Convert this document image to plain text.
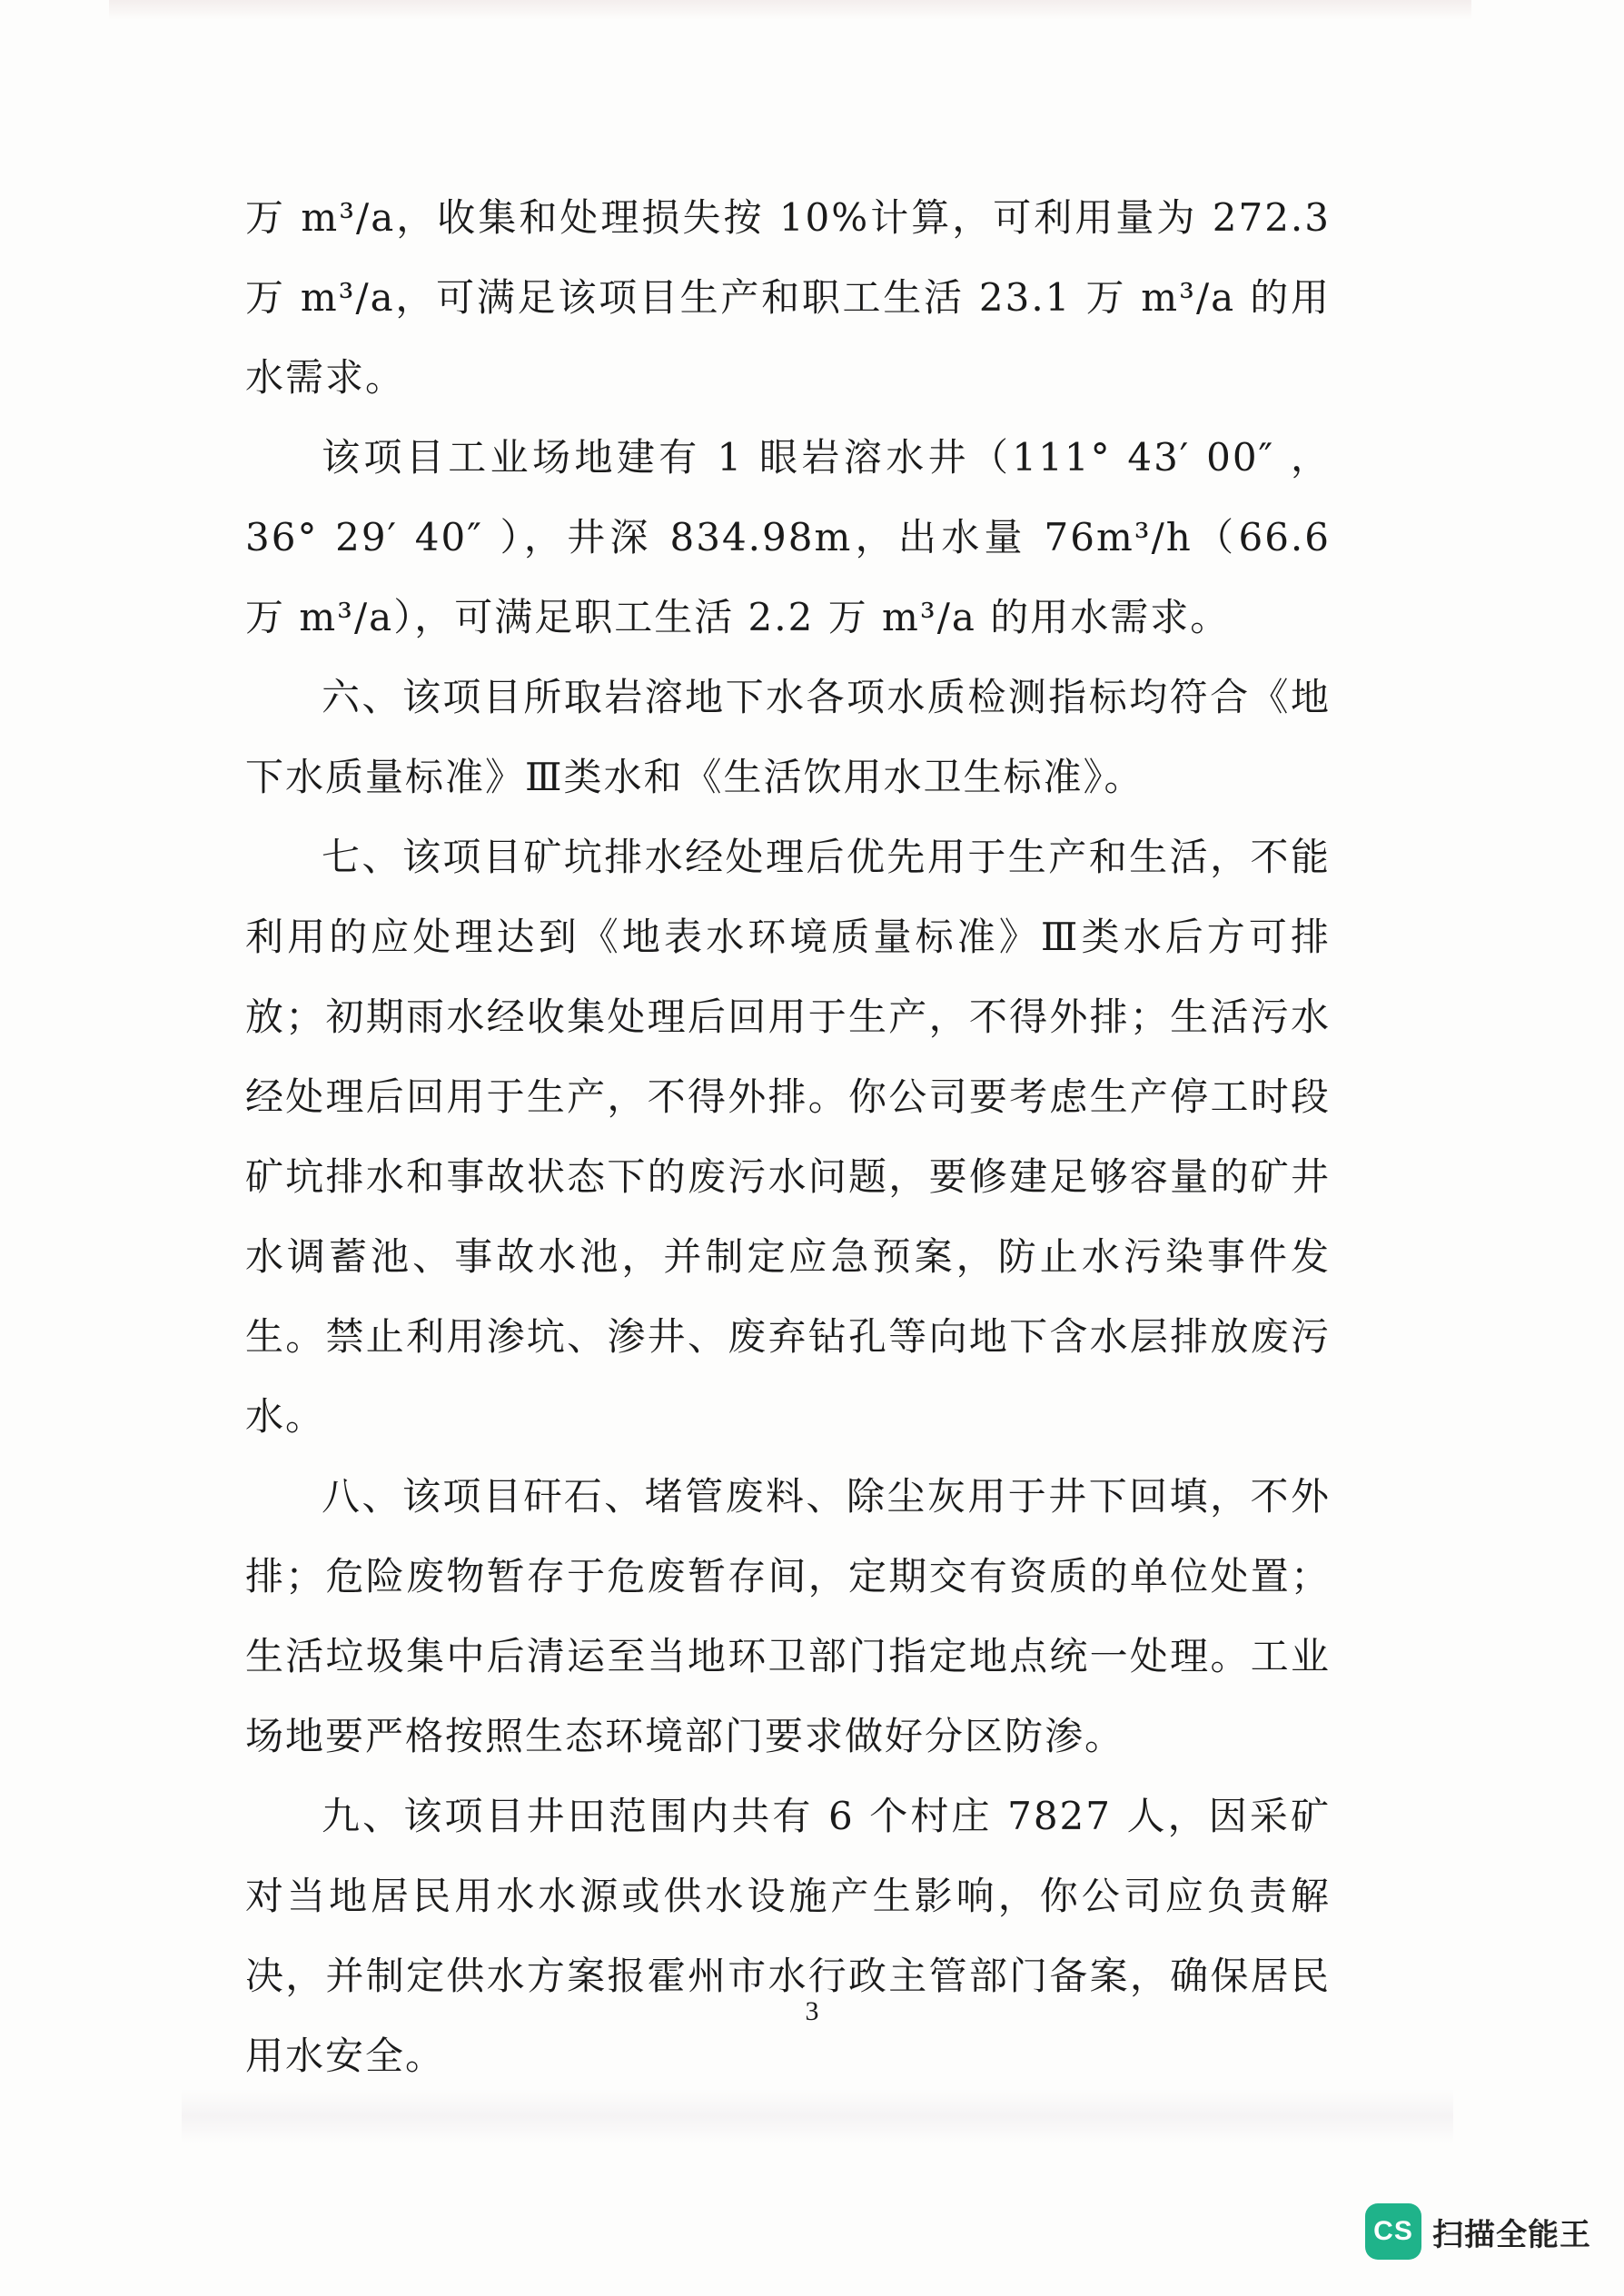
万 m³/a，收集和处理损失按 10%计算，可利用量为 272.3 万 m³/a，可满足该项目生产和职工生活 23.1 万 m³/a 的用水需求。

该项目工业场地建有 1 眼岩溶水井（111° 43′ 00″ ，36° 29′ 40″ ），井深 834.98m，出水量 76m³/h（66.6 万 m³/a），可满足职工生活 2.2 万 m³/a 的用水需求。

六、该项目所取岩溶地下水各项水质检测指标均符合《地下水质量标准》Ⅲ类水和《生活饮用水卫生标准》。

七、该项目矿坑排水经处理后优先用于生产和生活，不能利用的应处理达到《地表水环境质量标准》Ⅲ类水后方可排放；初期雨水经收集处理后回用于生产，不得外排；生活污水经处理后回用于生产，不得外排。你公司要考虑生产停工时段矿坑排水和事故状态下的废污水问题，要修建足够容量的矿井水调蓄池、事故水池，并制定应急预案，防止水污染事件发生。禁止利用渗坑、渗井、废弃钻孔等向地下含水层排放废污水。

八、该项目矸石、堵管废料、除尘灰用于井下回填，不外排；危险废物暂存于危废暂存间，定期交有资质的单位处置；生活垃圾集中后清运至当地环卫部门指定地点统一处理。工业场地要严格按照生态环境部门要求做好分区防渗。

九、该项目井田范围内共有 6 个村庄 7827 人，因采矿对当地居民用水水源或供水设施产生影响，你公司应负责解决，并制定供水方案报霍州市水行政主管部门备案，确保居民用水安全。

3
CS 扫描全能王
